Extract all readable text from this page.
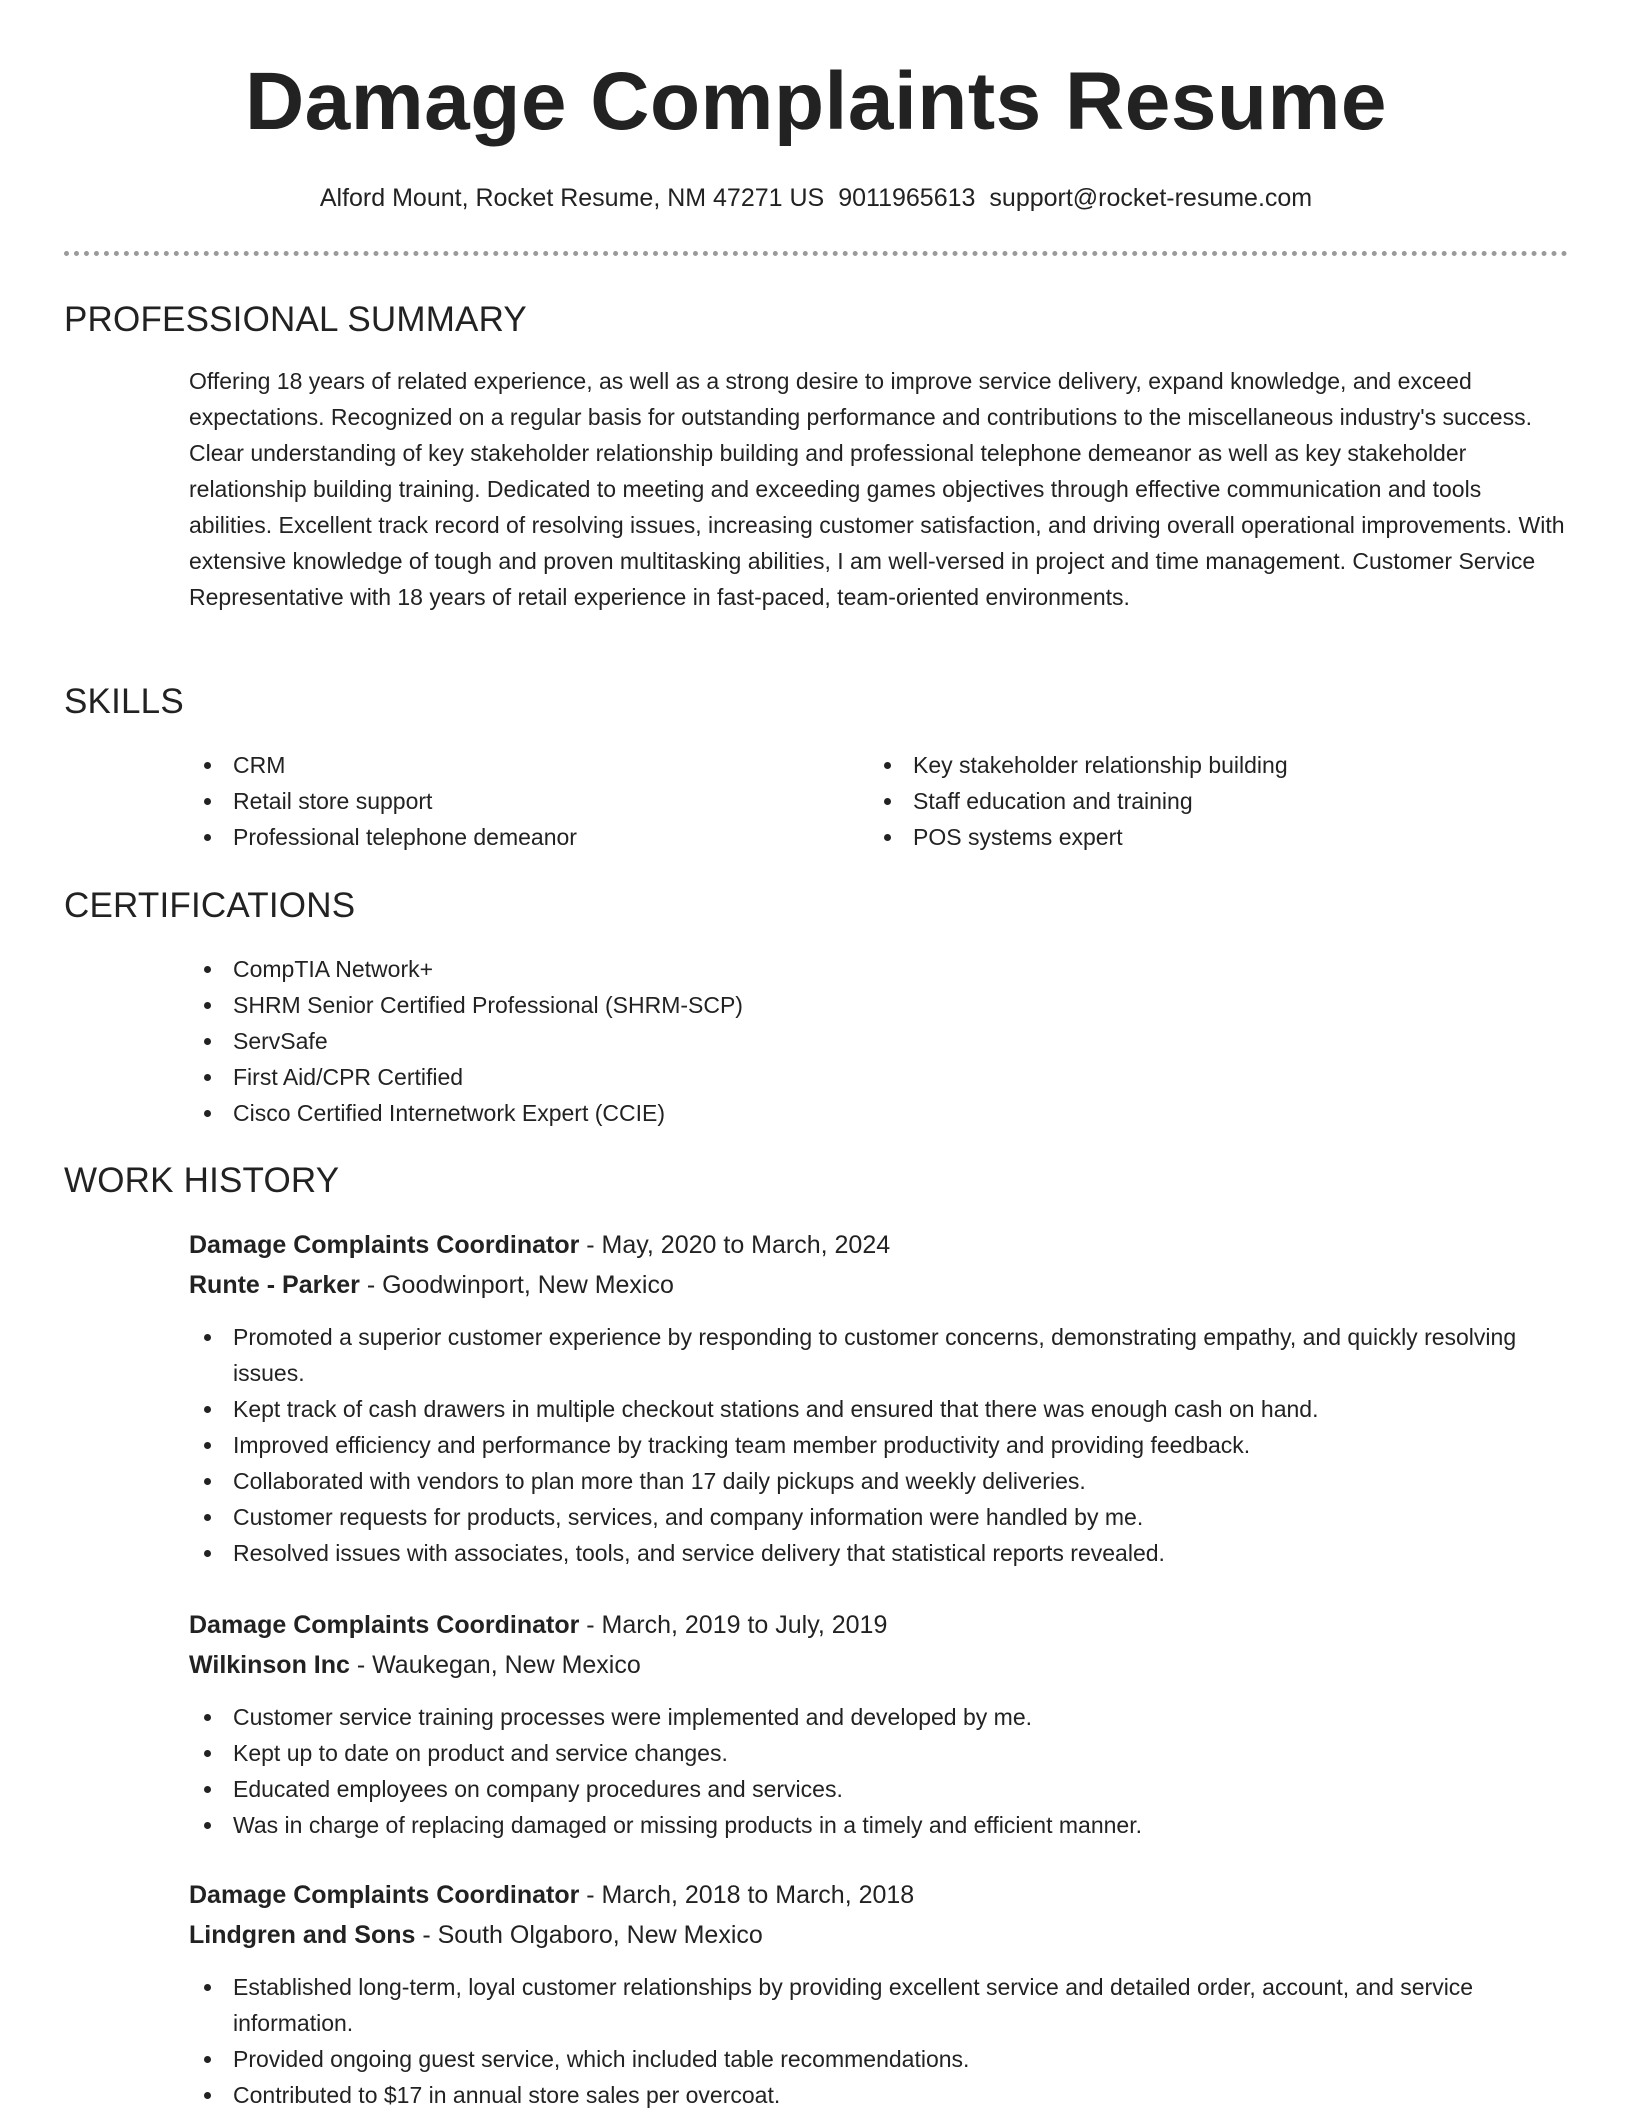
Damage Complaints Resume
Alford Mount, Rocket Resume, NM 47271 US 9011965613 support@rocket-resume.com
PROFESSIONAL SUMMARY

Offering 18 years of related experience, as well as a strong desire to improve service delivery, expand knowledge, and exceed expectations. Recognized on a regular basis for outstanding performance and contributions to the miscellaneous industry's success. Clear understanding of key stakeholder relationship building and professional telephone demeanor as well as key stakeholder relationship building training. Dedicated to meeting and exceeding games objectives through effective communication and tools abilities. Excellent track record of resolving issues, increasing customer satisfaction, and driving overall operational improvements. With extensive knowledge of tough and proven multitasking abilities, I am well-versed in project and time management. Customer Service Representative with 18 years of retail experience in fast-paced, team-oriented environments.

SKILLS
CRM
Retail store support
Professional telephone demeanor
Key stakeholder relationship building
Staff education and training
POS systems expert
CERTIFICATIONS
CompTIA Network+
SHRM Senior Certified Professional (SHRM-SCP)
ServSafe
First Aid/CPR Certified
Cisco Certified Internetwork Expert (CCIE)
WORK HISTORY
Damage Complaints Coordinator - May, 2020 to March, 2024
Runte - Parker - Goodwinport, New Mexico
Promoted a superior customer experience by responding to customer concerns, demonstrating empathy, and quickly resolving issues.
Kept track of cash drawers in multiple checkout stations and ensured that there was enough cash on hand.
Improved efficiency and performance by tracking team member productivity and providing feedback.
Collaborated with vendors to plan more than 17 daily pickups and weekly deliveries.
Customer requests for products, services, and company information were handled by me.
Resolved issues with associates, tools, and service delivery that statistical reports revealed.
Damage Complaints Coordinator - March, 2019 to July, 2019
Wilkinson Inc - Waukegan, New Mexico
Customer service training processes were implemented and developed by me.
Kept up to date on product and service changes.
Educated employees on company procedures and services.
Was in charge of replacing damaged or missing products in a timely and efficient manner.
Damage Complaints Coordinator - March, 2018 to March, 2018
Lindgren and Sons - South Olgaboro, New Mexico
Established long-term, loyal customer relationships by providing excellent service and detailed order, account, and service information.
Provided ongoing guest service, which included table recommendations.
Contributed to $17 in annual store sales per overcoat.
